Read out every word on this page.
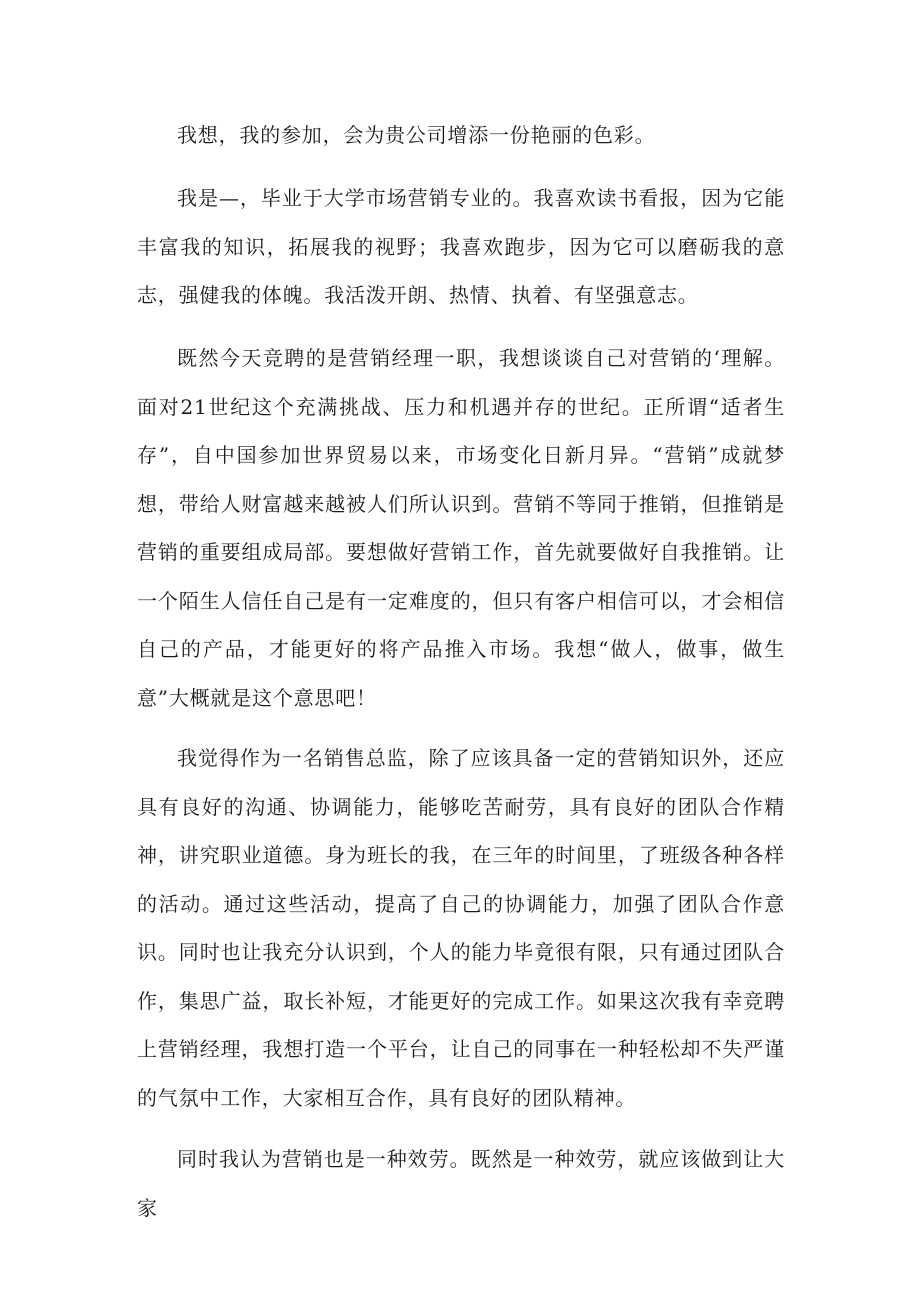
我想，我的参加，会为贵公司增添一份艳丽的色彩。

我是—，毕业于大学市场营销专业的。我喜欢读书看报，因为它能丰富我的知识，拓展我的视野；我喜欢跑步，因为它可以磨砺我的意志，强健我的体魄。我活泼开朗、热情、执着、有坚强意志。

既然今天竞聘的是营销经理一职，我想谈谈自己对营销的‘理解。面对21世纪这个充满挑战、压力和机遇并存的世纪。正所谓“适者生存”，自中国参加世界贸易以来，市场变化日新月异。“营销”成就梦想，带给人财富越来越被人们所认识到。营销不等同于推销，但推销是营销的重要组成局部。要想做好营销工作，首先就要做好自我推销。让一个陌生人信任自己是有一定难度的，但只有客户相信可以，才会相信自己的产品，才能更好的将产品推入市场。我想“做人，做事，做生意”大概就是这个意思吧！

我觉得作为一名销售总监，除了应该具备一定的营销知识外，还应具有良好的沟通、协调能力，能够吃苦耐劳，具有良好的团队合作精神，讲究职业道德。身为班长的我，在三年的时间里，了班级各种各样的活动。通过这些活动，提高了自己的协调能力，加强了团队合作意识。同时也让我充分认识到，个人的能力毕竟很有限，只有通过团队合作，集思广益，取长补短，才能更好的完成工作。如果这次我有幸竞聘上营销经理，我想打造一个平台，让自己的同事在一种轻松却不失严谨的气氛中工作，大家相互合作，具有良好的团队精神。

同时我认为营销也是一种效劳。既然是一种效劳，就应该做到让大家
